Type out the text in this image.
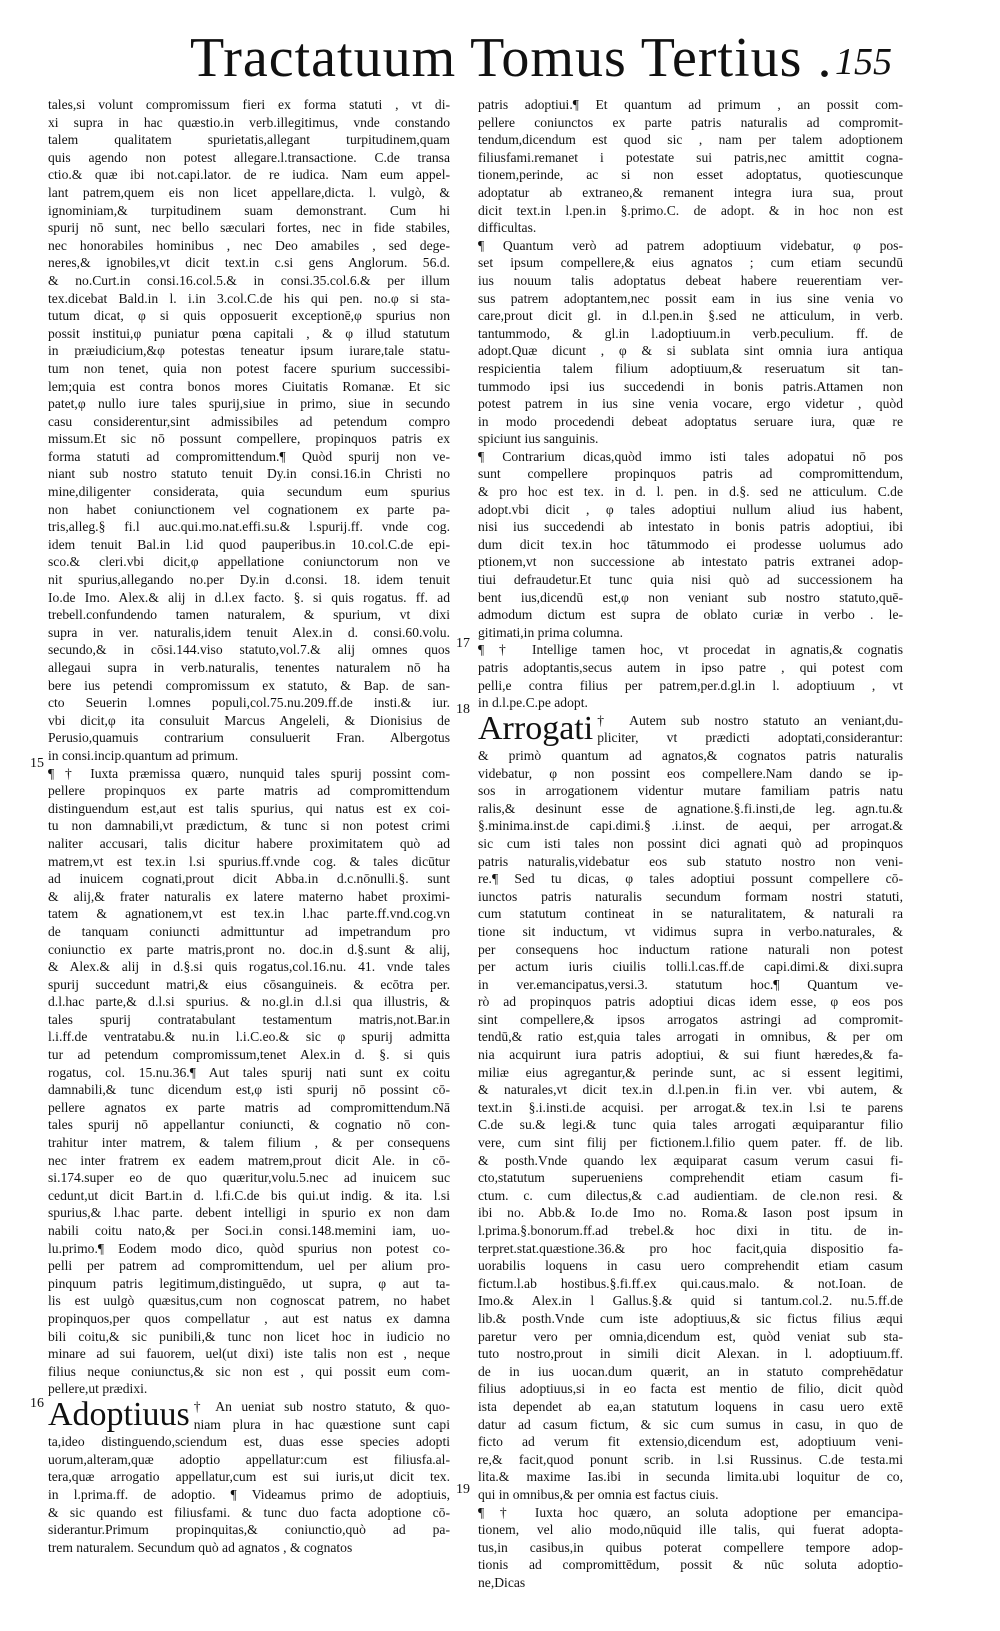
Tractatuum Tomus Tertius . 155
tales,si volunt compromissum fieri ex forma statuti , vt di-
xi supra in hac quæstio.in verb.illegitimus, vnde constando
talem qualitatem spurietatis,allegant turpitudinem,quam
quis agendo non potest allegare.l.transactione. C.de transa
ctio.& quæ ibi not.capi.lator. de re iudica. Nam eum appel-
lant patrem,quem eis non licet appellare,dicta. l. vulgò, &
ignominiam,& turpitudinem suam demonstrant. Cum hi
spurij nō sunt, nec bello sæculari fortes, nec in fide stabiles,
nec honorabiles hominibus , nec Deo amabiles , sed dege-
neres,& ignobiles,vt dicit text.in c.si gens Anglorum. 56.d.
& no.Curt.in consi.16.col.5.& in consi.35.col.6.& per illum
tex.dicebat Bald.in l. i.in 3.col.C.de his qui pen. no.φ si sta-
tutum dicat, φ si quis opposuerit exceptionē,φ spurius non
possit institui,φ puniatur pœna capitali , & φ illud statutum
in præiudicium,&φ potestas teneatur ipsum iurare,tale statu-
tum non tenet, quia non potest facere spurium successibi-
lem;quia est contra bonos mores Ciuitatis Romanæ. Et sic
patet,φ nullo iure tales spurij,siue in primo, siue in secundo
casu considerentur,sint admissibiles ad petendum compro
missum.Et sic nō possunt compellere, propinquos patris ex
forma statuti ad compromittendum.¶ Quòd spurij non ve-
niant sub nostro statuto tenuit Dy.in consi.16.in Christi no
mine,diligenter considerata, quia secundum eum spurius
non habet coniunctionem vel cognationem ex parte pa-
tris,alleg.§ fi.l auc.qui.mo.nat.effi.su.& l.spurij.ff. vnde cog.
idem tenuit Bal.in l.id quod pauperibus.in 10.col.C.de epi-
sco.& cleri.vbi dicit,φ appellatione coniunctorum non ve
nit spurius,allegando no.per Dy.in d.consi. 18. idem tenuit
Io.de Imo. Alex.& alij in d.l.ex facto. §. si quis rogatus. ff. ad
trebell.confundendo tamen naturalem, & spurium, vt dixi
supra in ver. naturalis,idem tenuit Alex.in d. consi.60.volu.
secundo,& in cōsi.144.viso statuto,vol.7.& alij omnes quos
allegaui supra in verb.naturalis, tenentes naturalem nō ha
bere ius petendi compromissum ex statuto, & Bap. de san-
cto Seuerin l.omnes populi,col.75.nu.209.ff.de insti.& iur.
vbi dicit,φ ita consuluit Marcus Angeleli, & Dionisius de
Perusio,quamuis contrarium consuluerit Fran. Albergotus
in consi.incip.quantum ad primum.
¶ † Iuxta præmissa quæro, nunquid tales spurij possint com-
pellere propinquos ex parte matris ad compromittendum
distinguendum est,aut est talis spurius, qui natus est ex coi-
tu non damnabili,vt prædictum, & tunc si non potest crimi
naliter accusari, talis dicitur habere proximitatem quò ad
matrem,vt est tex.in l.si spurius.ff.vnde cog. & tales dicūtur
ad inuicem cognati,prout dicit Abba.in d.c.nōnulli.§. sunt
& alij,& frater naturalis ex latere materno habet proximi-
tatem & agnationem,vt est tex.in l.hac parte.ff.vnd.cog.vn
de tanquam coniuncti admittuntur ad impetrandum pro
coniunctio ex parte matris,pront no. doc.in d.§.sunt & alij,
& Alex.& alij in d.§.si quis rogatus,col.16.nu. 41. vnde tales
spurij succedunt matri,& eius cōsanguineis. & ecōtra per.
d.l.hac parte,& d.l.si spurius. & no.gl.in d.l.si qua illustris, &
tales spurij contratabulant testamentum matris,not.Bar.in
l.i.ff.de ventratabu.& nu.in l.i.C.eo.& sic φ spurij admitta
tur ad petendum compromissum,tenet Alex.in d. §. si quis
rogatus, col. 15.nu.36.¶ Aut tales spurij nati sunt ex coitu
damnabili,& tunc dicendum est,φ isti spurij nō possint cō-
pellere agnatos ex parte matris ad compromittendum.Nā
tales spurij nō appellantur coniuncti, & cognatio nō con-
trahitur inter matrem, & talem filium , & per consequens
nec inter fratrem ex eadem matrem,prout dicit Ale. in cō-
si.174.super eo de quo quæritur,volu.5.nec ad inuicem suc
cedunt,ut dicit Bart.in d. l.fi.C.de bis qui.ut indig. & ita. l.si
spurius,& l.hac parte. debent intelligi in spurio ex non dam
nabili coitu nato,& per Soci.in consi.148.memini iam, uo-
lu.primo.¶ Eodem modo dico, quòd spurius non potest co-
pelli per patrem ad compromittendum, uel per alium pro-
pinquum patris legitimum,distinguēdo, ut supra, φ aut ta-
lis est uulgò quæsitus,cum non cognoscat patrem, no habet
propinquos,per quos compellatur , aut est natus ex damna
bili coitu,& sic punibili,& tunc non licet hoc in iudicio no
minare ad sui fauorem, uel(ut dixi) iste talis non est , neque
filius neque coniunctus,& sic non est , qui possit eum com-
pellere,ut prædixi.
Adoptiuus † An ueniat sub nostro statuto, & quo-
niam plura in hac quæstione sunt capi
ta,ideo distinguendo,sciendum est, duas esse species adopti
uorum,alteram,quæ adoptio appellatur:cum est filiusfa.al-
tera,quæ arrogatio appellatur,cum est sui iuris,ut dicit tex.
in l.prima.ff. de adoptio. ¶ Videamus primo de adoptiuis,
& sic quando est filiusfami. & tunc duo facta adoptione cō-
siderantur.Primum propinquitas,& coniunctio,quò ad pa-
trem naturalem. Secundum quò ad agnatos , & cognatos
patris adoptiui.¶ Et quantum ad primum , an possit com-
pellere coniunctos ex parte patris naturalis ad compromit-
tendum,dicendum est quod sic , nam per talem adoptionem
filiusfami.remanet i potestate sui patris,nec amittit cogna-
tionem,perinde, ac si non esset adoptatus, quotiescunque
adoptatur ab extraneo,& remanent integra iura sua, prout
dicit text.in l.pen.in §.primo.C. de adopt. & in hoc non est
difficultas.
¶ Quantum verò ad patrem adoptiuum videbatur, φ pos-
set ipsum compellere,& eius agnatos ; cum etiam secundū
ius nouum talis adoptatus debeat habere reuerentiam ver-
sus patrem adoptantem,nec possit eam in ius sine venia vo
care,prout dicit gl. in d.l.pen.in §.sed ne atticulum, in verb.
tantummodo, & gl.in l.adoptiuum.in verb.peculium. ff. de
adopt.Quæ dicunt , φ & si sublata sint omnia iura antiqua
respicientia talem filium adoptiuum,& reseruatum sit tan-
tummodo ipsi ius succedendi in bonis patris.Attamen non
potest patrem in ius sine venia vocare, ergo videtur , quòd
in modo procedendi debeat adoptatus seruare iura, quæ re
spiciunt ius sanguinis.
¶ Contrarium dicas,quòd immo isti tales adopatui nō pos
sunt compellere propinquos patris ad compromittendum,
& pro hoc est tex. in d. l. pen. in d.§. sed ne atticulum. C.de
adopt.vbi dicit , φ tales adoptiui nullum aliud ius habent,
nisi ius succedendi ab intestato in bonis patris adoptiui, ibi
dum dicit tex.in hoc tātummodo ei prodesse uolumus ado
ptionem,vt non successione ab intestato patris extranei adop-
tiui defraudetur.Et tunc quia nisi quò ad successionem ha
bent ius,dicendū est,φ non veniant sub nostro statuto,quē-
admodum dictum est supra de oblato curiæ in verbo . le-
gitimati,in prima columna.
¶ † Intellige tamen hoc, vt procedat in agnatis,& cognatis
patris adoptantis,secus autem in ipso patre , qui potest com
pelli,e contra filius per patrem,per.d.gl.in l. adoptiuum , vt
in d.l.pe.C.pe adopt.
Arrogati † Autem sub nostro statuto an veniant,du-
pliciter, vt prædicti adoptati,considerantur:
& primò quantum ad agnatos,& cognatos patris naturalis
videbatur, φ non possint eos compellere.Nam dando se ip-
sos in arrogationem videntur mutare familiam patris natu
ralis,& desinunt esse de agnatione.§.fi.insti,de leg. agn.tu.&
§.minima.inst.de capi.dimi.§ .i.inst. de aequi, per arrogat.&
sic cum isti tales non possint dici agnati quò ad propinquos
patris naturalis,videbatur eos sub statuto nostro non veni-
re.¶ Sed tu dicas, φ tales adoptiui possunt compellere cō-
iunctos patris naturalis secundum formam nostri statuti,
cum statutum contineat in se naturalitatem, & naturali ra
tione sit inductum, vt vidimus supra in verbo.naturales, &
per consequens hoc inductum ratione naturali non potest
per actum iuris ciuilis tolli.l.cas.ff.de capi.dimi.& dixi.supra
in ver.emancipatus,versi.3. statutum hoc.¶ Quantum ve-
rò ad propinquos patris adoptiui dicas idem esse, φ eos pos
sint compellere,& ipsos arrogatos astringi ad compromit-
tendū,& ratio est,quia tales arrogati in omnibus, & per om
nia acquirunt iura patris adoptiui, & sui fiunt hæredes,& fa-
miliæ eius agregantur,& perinde sunt, ac si essent legitimi,
& naturales,vt dicit tex.in d.l.pen.in fi.in ver. vbi autem, &
text.in §.i.insti.de acquisi. per arrogat.& tex.in l.si te parens
C.de su.& legi.& tunc quia tales arrogati æquiparantur filio
vere, cum sint filij per fictionem.l.filio quem pater. ff. de lib.
& posth.Vnde quando lex æquiparat casum verum casui fi-
cto,statutum superueniens comprehendit etiam casum fi-
ctum. c. cum dilectus,& c.ad audientiam. de cle.non resi. &
ibi no. Abb.& Io.de Imo no. Roma.& Iason post ipsum in
l.prima.§.bonorum.ff.ad trebel.& hoc dixi in titu. de in-
terpret.stat.quæstione.36.& pro hoc facit,quia dispositio fa-
uorabilis loquens in casu uero comprehendit etiam casum
fictum.l.ab hostibus.§.fi.ff.ex qui.caus.malo. & not.Ioan. de
Imo.& Alex.in l Gallus.§.& quid si tantum.col.2. nu.5.ff.de
lib.& posth.Vnde cum iste adoptiuus,& sic fictus filius æqui
paretur vero per omnia,dicendum est, quòd veniat sub sta-
tuto nostro,prout in simili dicit Alexan. in l. adoptiuum.ff.
de in ius uocan.dum quærit, an in statuto comprehēdatur
filius adoptiuus,si in eo facta est mentio de filio, dicit quòd
ista dependet ab ea,an statutum loquens in casu uero extē
datur ad casum fictum, & sic cum sumus in casu, in quo de
ficto ad verum fit extensio,dicendum est, adoptiuum veni-
re,& facit,quod ponunt scrib. in l.si Russinus. C.de testa.mi
lita.& maxime Ias.ibi in secunda limita.ubi loquitur de co,
qui in omnibus,& per omnia est factus ciuis.
¶ † Iuxta hoc quæro, an soluta adoptione per emancipa-
tionem, vel alio modo,nūquid ille talis, qui fuerat adopta-
tus,in casibus,in quibus poterat compellere tempore adop-
tionis ad compromittēdum, possit & nūc soluta adoptio-
ne,Dicas
15
16
17
18
19
